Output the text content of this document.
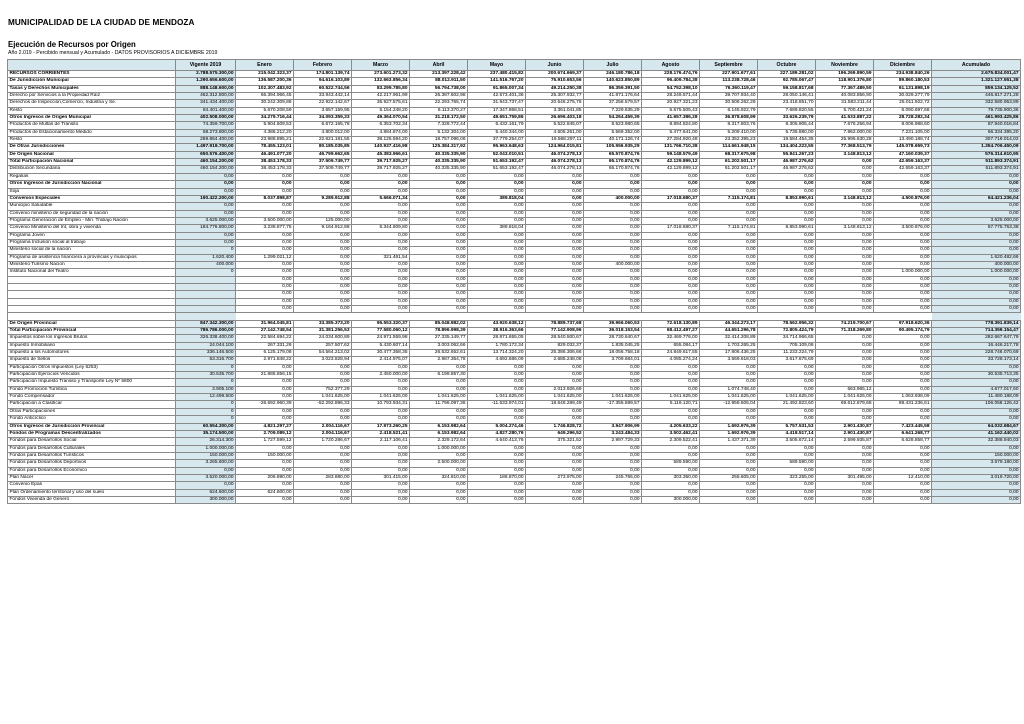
MUNICIPALIDAD DE LA CIUDAD DE MENDOZA
Ejecución de Recursos por Origen
Año 2.019 - Percibido mensual y Acumulado - DATOS PROVISORIOS A DICIEMBRE 2019
	Vigente 2019	Enero	Febrero	Marzo	Abril	Mayo	Junio	Julio	Agosto	Septiembre	Octubre	Noviembre	Diciembre	Acumulado
RECURSOS CORRIENTES	2.788.575.300,00	215.042.323,37	174.801.139,74	273.601.273,32	213.397.228,42	237.480.415,82	200.674.669,37	246.180.786,18	228.176.474,76	227.901.677,61	227.189.281,02	196.269.890,59	234.938.840,26	2.675.834.001,47
De Jurisdicción Municipal	1.290.656.600,00	136.587.200,36	94.616.103,89	132.663.856,34	88.012.911,50	141.516.767,20	75.910.653,56	140.623.850,89	96.409.784,38	113.238.728,46	92.785.067,47	118.901.376,80	89.860.180,53	1.321.127.551,38
Tasas y Derechos Municipales	888.148.600,00	102.307.483,92	60.522.744,56	83.299.785,80	56.794.738,00	91.865.007,34	49.214.250,38	86.359.391,50	54.752.398,10	76.360.119,47	59.158.817,68	77.367.489,50	61.131.898,19	859.134.125,52
Derecho por Servicios a la Propiedad Raíz	462.312.800,00	66.394.966,45	33.943.442,14	42.217.961,99	26.387.602,98	42.573.401,36	25.307.932,77	41.871.176,64	28.249.571,44	39.707.934,40	28.050.146,41	40.083.856,90	30.029.277,79	446.817.271,28
Derechos de Inspección,Comercio, Industria y Se.	341.434.400,00	30.242.309,88	22.922.142,67	35.927.575,61	22.293.765,74	31.943.737,47	20.546.275,76	37.258.579,57	20.927.321,23	30.506.262,28	23.418.851,70	31.583.211,44	25.011.922,72	332.580.953,89
Resto	84.401.400,00	5.670.208,59	3.657.159,95	5.154.248,20	6.113.370,27	17.347.868,51	3.361.041,85	7.229.635,29	5.575.505,43	6.145.922,79	7.689.820,55	5.700.421,24	6.090.697,68	79.735.900,36
Otros Ingresos de Origen Municipal	402.508.000,00	34.279.716,44	34.093.359,33	49.364.070,54	31.218.172,50	49.651.759,86	26.696.403,18	54.264.459,39	41.657.386,28	36.878.608,99	33.626.239,79	41.533.887,22	28.728.282,34	461.993.425,86
Productos de Multas de Tránsito	74.359.700,00	5.904.609,53	6.672.165,78	6.353.702,34	7.328.772,44	6.432.161,79	5.522.845,07	8.523.980,65	8.894.824,80	8.317.803,76	8.305.905,44	7.676.256,94	8.006.988,60	87.940.016,84
Productos de Estacionamiento Medido	58.273.800,00	4.386.212,20	4.800.012,00	4.884.874,00	5.132.304,00	5.440.344,00	4.605.261,00	5.569.352,00	5.477.641,00	5.209.410,00	5.735.880,00	7.862.000,00	7.231.105,00	66.334.395,20
Resto	269.864.400,00	23.988.895,21	22.621.181,55	38.125.594,20	18.757.096,06	37.779.254,07	16.568.297,11	40.171.126,74	27.284.920,48	23.352.395,23	19.584.454,35	25.995.630,28	13.490.188,74	307.719.014,02
De Otras Jurisdicciones	1.497.918.700,00	78.455.123,01	80.185.035,85	140.937.416,98	125.384.317,92	95.963.648,63	124.964.015,81	105.556.935,29	131.766.710,38	114.661.948,15	134.404.223,55	77.368.513,79	145.078.659,73	1.354.706.450,09
De Origen Nacional	650.576.400,00	46.491.077,20	46.799.662,65	45.383.966,61	40.335.335,90	52.043.010,51	46.074.278,13	65.570.874,76	59.148.579,49	68.317.675,98	55.841.267,23	3.148.813,12	47.160.039,37	576.314.610,95
Total Participación Nacional	460.154.200,00	38.453.178,33	37.509.749,77	39.717.925,27	40.335.335,90	51.653.192,47	46.074.278,13	65.170.874,76	42.129.899,12	61.202.501,17	46.987.276,62	0,00	42.659.163,37	511.893.374,91
Distribución Secundaria	460.154.200,00	38.453.178,33	37.509.749,77	39.717.925,27	40.335.335,90	51.653.192,47	46.074.278,13	65.170.874,76	42.129.899,12	61.202.501,17	46.987.276,62	0,00	42.659.163,37	511.893.374,91
Regalías	0,00	0,00	0,00	0,00	0,00	0,00	0,00	0,00	0,00	0,00	0,00	0,00	0,00	0,00
Otros Ingresos de Jurisdicción Nacional	0,00	0,00	0,00	0,00	0,00	0,00	0,00	0,00	0,00	0,00	0,00	0,00	0,00	0,00
Soja	0,00	0,00	0,00	0,00	0,00	0,00	0,00	0,00	0,00	0,00	0,00	0,00	0,00	0,00
Convenios Especiales	190.422.200,00	8.037.898,87	9.289.912,88	5.666.071,34	0,00	389.818,04	0,00	400.000,00	17.018.680,37	7.115.174,81	8.853.990,61	3.148.813,12	4.500.876,00	64.421.236,04
Municipio Saludable	0,00	0,00	0,00	0,00	0,00	0,00	0,00	0,00	0,00	0,00	0,00	0,00	0,00	0,00
Convenio ministerio de seguridad de la nación	0,00	0,00	0,00	0,00	0,00	0,00	0,00	0,00	0,00	0,00	0,00	0,00	0,00	0,00
Programa Generación de Empleo - Min. Trabajo Nación	3.625.000,00	3.500.000,00	125.000,00	0,00	0,00	0,00	0,00	0,00	0,00	0,00	0,00	0,00	0,00	3.625.000,00
Convenio Ministerio del Int, obra y vivienda	184.776.800,00	3.238.877,75	9.164.912,88	5.344.609,80	0,00	389.818,04	0,00	0,00	17.018.680,37	7.115.174,81	8.853.990,61	3.148.813,12	3.500.876,00	57.775.753,38
Programa Joven	0,00	0,00	0,00	0,00	0,00	0,00	0,00	0,00	0,00	0,00	0,00	0,00	0,00	0,00
Programa Inclusión social al trabajo	0,00	0,00	0,00	0,00	0,00	0,00	0,00	0,00	0,00	0,00	0,00	0,00	0,00	0,00
Ministerio social de la nacion	0	0,00	0,00	0,00	0,00	0,00	0,00	0,00	0,00	0,00	0,00	0,00	0,00	0,00
Programa de asistencia financiera a provincias y municipios	1.620.400	1.299.021,12	0,00	321.461,54	0,00	0,00	0,00	0,00	0,00	0,00	0,00	0,00	0,00	1.620.482,66
Ministerio Turismo Nacion	400.000	0,00	0,00	0,00	0,00	0,00	0,00	400.000,00	0,00	0,00	0,00	0,00	0,00	400.000,00
Instituto Nacional del Teatro	0	0,00	0,00	0,00	0,00	0,00	0,00	0,00	0,00	0,00	0,00	0,00	1.000.000,00	1.000.000,00
		0,00	0,00	0,00	0,00	0,00	0,00	0,00	0,00	0,00	0,00	0,00	0,00	0,00
		0,00	0,00	0,00	0,00	0,00	0,00	0,00	0,00	0,00	0,00	0,00	0,00	0,00
		0,00	0,00	0,00	0,00	0,00	0,00	0,00	0,00	0,00	0,00	0,00	0,00	0,00
		0,00	0,00	0,00	0,00	0,00	0,00	0,00	0,00	0,00	0,00	0,00	0,00	0,00
		0,00	0,00	0,00	0,00	0,00	0,00	0,00	0,00	0,00	0,00	0,00	0,00	0,00

De Origen Provincial	847.342.300,00	31.964.045,81	33.385.373,20	95.553.320,37	85.048.982,02	43.920.638,12	78.889.737,68	39.966.060,53	72.618.130,89	46.344.273,17	78.562.956,32	74.219.700,67	97.918.620,36	778.391.839,14
Total Participación Provincial	786.786.000,00	27.142.748,54	31.381.256,53	77.580.060,12	78.896.998,39	38.916.363,66	77.142.908,96	36.018.153,54	68.412.497,27	44.651.296,78	72.805.424,79	71.318.269,80	90.495.174,79	714.359.154,47
Impuestos sobre los Ingresos Brutos	326.338.400,00	22.584.694,22	24.034.600,89	24.971.559,98	27.335.149,77	28.871.655,05	28.540.500,67	28.730.640,67	32.469.776,00	32.414.208,89	34.714.966,65	0,00	0,00	282.667.647,79
Impuesto Inmobiliario	24.044.100	267.331,26	257.507,62	5.430.607,14	3.003.062,66	1.780.172,34	829.032,37	1.835.045,25	655.084,17	1.703.265,25	705.109,06	0,00	0,00	16.446.217,78
Impuesto a los Automotores	336.146.500	6.125.179,08	54.564.213,02	30.477.358,35	26.532.652,61	13.714.324,20	25.386.306,66	18.056.758,18	24.849.617,55	17.806.436,25	11.233.224,79	0,00	0,00	228.746.070,69
Impuesto de Sellos	53.316.700	2.971.848,22	3.023.828,94	2.414.975,07	2.987.354,78	4.692.686,09	2.685.248,08	3.709.684,01	4.085.274,24	3.569.618,03	3.617.675,69	0,00	0,00	33.728.173,14
Participación Otros Impuestos (Ley 6253)	0	0,00	0,00	0,00	0,00	0,00	0,00	0,00	0,00	0,00	0,00	0,00	0,00	0,00
Participación Ejercicios Vencidos	30.535.700	21.886.856,15	0,00	2.450.000,00	6.199.857,30	0,00	0,00	0,00	0,00	0,00	0,00	0,00	0,00	30.535.713,35
Participación Impuesto Tránsito y Transporte Ley Nº 5800	0	0,00	0,00	0,00	0,00	0,00	0,00	0,00	0,00	0,00	0,00	0,00	0,00	0,00
Fondo Promoción Turística	3.905.100	0,00	752.377,29	0,00	0,00	0,00	2.013.926,69	0,00	0,00	1.074.748,40	0,00	663.965,12	0,00	4.677.017,60
Fondo Compensador	12.499.500	0,00	1.041.625,00	1.041.625,00	1.041.625,00	1.041.625,00	1.041.625,00	1.041.625,00	1.041.625,00	1.041.625,00	1.041.625,00	1.041.625,00	1.063.938,09	11.480.188,09
Participación a Clasificar	0	-26.692.960,39	-52.292.896,33	10.793.934,31	11.796.097,36	-11.533.974,01	18.646.289,49	-17.355.599,57	5.119.120,71	-12.958.605,04	21.492.823,60	69.612.679,68	89.431.236,61	106.058.126,42
Otras Participaciones	0	0,00	0,00	0,00	0,00	0,00	0,00	0,00	0,00	0,00	0,00	0,00	0,00	0,00
Fondo Anticíclico	0	0,00	0,00	0,00	0,00	0,00	0,00	0,00	0,00	0,00	0,00	0,00	0,00	0,00
Otros Ingresos de Jurisdicción Provincial	60.554.300,00	4.821.297,27	2.004.116,67	17.973.260,25	6.153.982,64	5.004.274,46	1.746.828,72	3.947.906,99	4.205.633,22	1.692.976,39	5.757.531,53	2.901.430,87	7.423.445,58	64.032.684,67
Fondos de Programas Descentralizados	35.174.500,00	2.709.089,12	2.004.116,67	2.418.521,41	6.153.982,64	4.827.280,76	649.296,52	3.243.484,33	3.502.462,41	1.692.976,39	4.418.517,14	2.901.430,87	6.641.268,77	41.162.440,02
Fondos para Desarrollos Social	26.314.300	1.727.599,12	1.720.286,67	2.117.106,41	2.329.172,64	4.640.413,76	375.321,52	2.997.729,33	2.309.522,41	1.437.371,39	3.505.672,14	2.599.935,87	6.628.858,77	32.388.940,03
Fondos para Desarrollos Culturales	1.000.000,00	0,00	0,00	0,00	1.000.000,00	0,00	0,00	0,00	0,00	0,00	0,00	0,00	0,00	0,00
Fondos para Desarrollos Turísticos	150.000,00	150.000,00	0,00	0,00	0,00	0,00	0,00	0,00	0,00	0,00	0,00	0,00	0,00	150.000,00
Fondos para Desarrollos Deportivos	3.265.600,00	0,00	0,00	0,00	2.500.000,00	0,00	0,00	0,00	589.590,00	0,00	589.590,00	0,00	0,00	3.679.180,00
Fondos para Desarrollos Económico	0,00	0,00	0,00	0,00	0,00	0,00	0,00	0,00	0,00	0,00	0,00	0,00	0,00	0,00
Plan Nacer	3.520.000,00	206.890,00	283.880,00	301.415,00	324.810,00	186.870,00	273.975,00	245.765,00	303.350,00	255.605,00	323.255,00	301.495,00	12.410,00	3.019.720,00
Convenio Epas	0,00	0,00	0,00	0,00	0,00	0,00	0,00	0,00	0,00	0,00	0,00	0,00	0,00	0,00
Plan Ordenamiento territorial y uso del suelo	624.600,00	624.600,00	0,00	0,00	0,00	0,00	0,00	0,00	0,00	0,00	0,00	0,00	0,00	0,00
Fondos Vivienda de Genero	300.000,00	0,00	0,00	0,00	0,00	0,00	0,00	0,00	300.000,00	0,00	0,00	0,00	0,00	0,00
